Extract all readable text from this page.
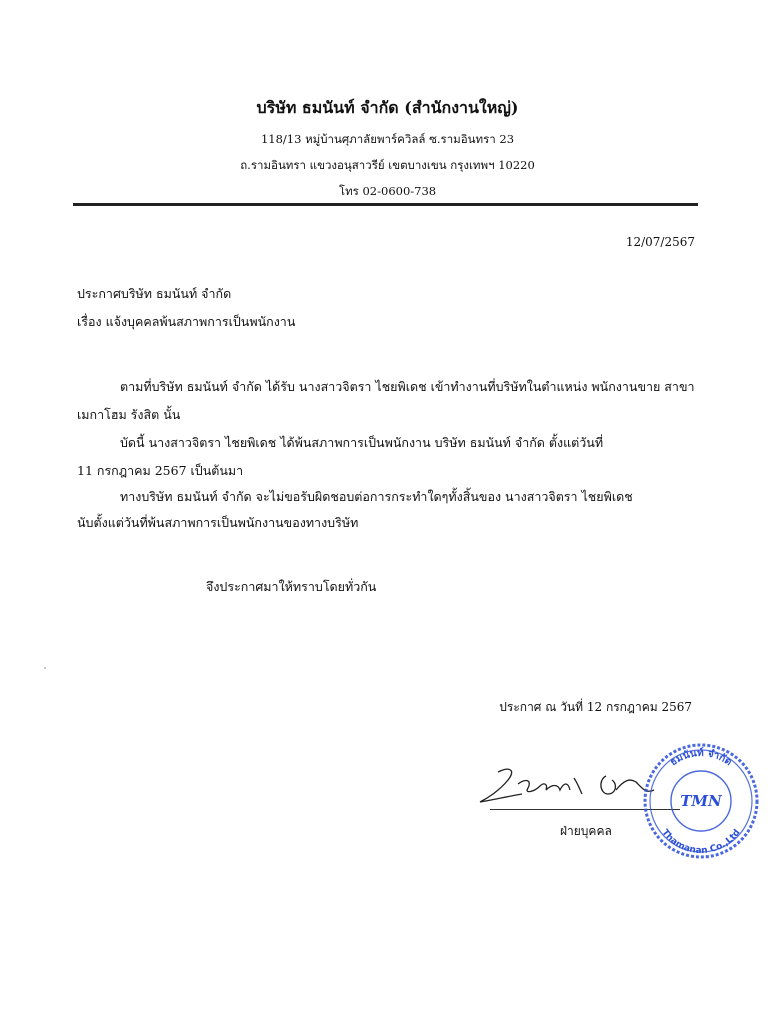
บริษัท ธมนันท์ จำกัด (สำนักงานใหญ่)
118/13 หมู่บ้านศุภาลัยพาร์ควิลล์ ซ.รามอินทรา 23
ถ.รามอินทรา แขวงอนุสาวรีย์ เขตบางเขน กรุงเทพฯ 10220
โทร 02-0600-738
12/07/2567
ประกาศบริษัท ธมนันท์ จำกัด
เรื่อง แจ้งบุคคลพ้นสภาพการเป็นพนักงาน
ตามที่บริษัท ธมนันท์ จำกัด ได้รับ นางสาวจิตรา ไชยพิเดช เข้าทำงานที่บริษัทในตำแหน่ง พนักงานขาย สาขา
เมกาโฮม รังสิต นั้น
บัดนี้ นางสาวจิตรา ไชยพิเดช ได้พ้นสภาพการเป็นพนักงาน บริษัท ธมนันท์ จำกัด ตั้งแต่วันที่
11 กรกฎาคม 2567 เป็นต้นมา
ทางบริษัท ธมนันท์ จำกัด จะไม่ขอรับผิดชอบต่อการกระทำใดๆทั้งสิ้นของ นางสาวจิตรา ไชยพิเดช
นับตั้งแต่วันที่พ้นสภาพการเป็นพนักงานของทางบริษัท
จึงประกาศมาให้ทราบโดยทั่วกัน
ประกาศ ณ วันที่ 12 กรกฎาคม 2567
ฝ่ายบุคคล
ธมนันท์ จำกัด
Thamanan Co.,Ltd
TMN
